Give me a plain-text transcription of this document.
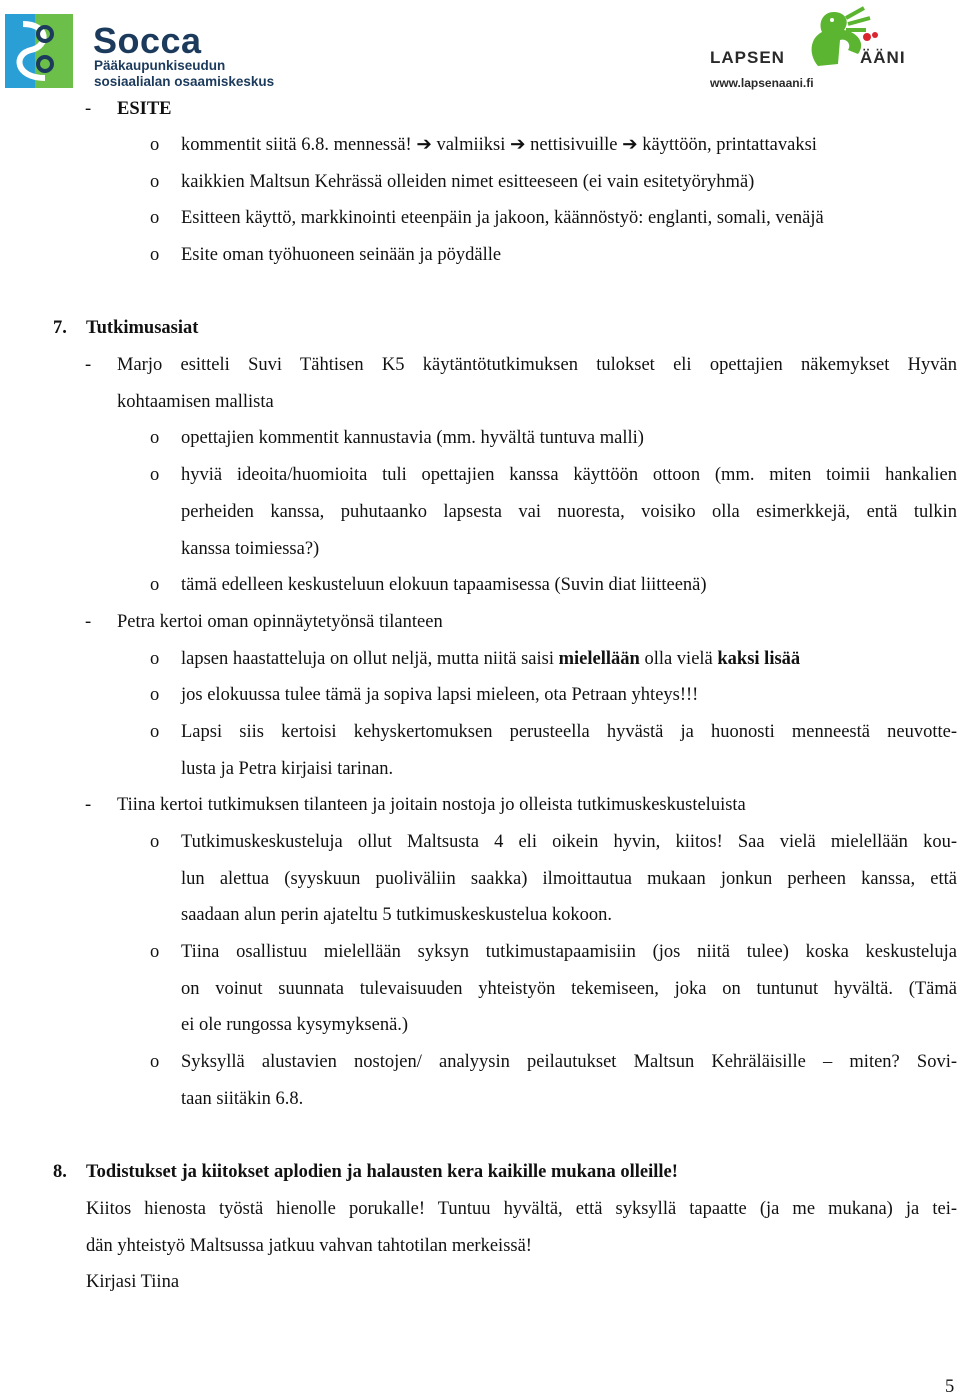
Socca
Pääkaupunkiseudun
sosiaalialan osaamiskeskus
LAPSEN	ÄÄNI
www.lapsenaani.fi
- ESITE
o kommentit siitä 6.8. mennessä! ➔ valmiiksi ➔ nettisivuille ➔ käyttöön, printattavaksi
o kaikkien Maltsun Kehrässä olleiden nimet esitteeseen (ei vain esitetyöryhmä)
o Esitteen käyttö, markkinointi eteenpäin ja jakoon, käännöstyö: englanti, somali, venäjä
o Esite oman työhuoneen seinään ja pöydälle
7. Tutkimusasiat
- Marjo esitteli Suvi Tähtisen K5 käytäntötutkimuksen tulokset eli opettajien näkemykset Hyvän
kohtaamisen mallista
o opettajien kommentit kannustavia (mm. hyvältä tuntuva malli)
o hyviä ideoita/huomioita tuli opettajien kanssa käyttöön ottoon (mm. miten toimii hankalien
perheiden kanssa, puhutaanko lapsesta vai nuoresta, voisiko olla esimerkkejä, entä tulkin
kanssa toimiessa?)
o tämä edelleen keskusteluun elokuun tapaamisessa (Suvin diat liitteenä)
- Petra kertoi oman opinnäytetyönsä tilanteen
o lapsen haastatteluja on ollut neljä, mutta niitä saisi mielellään olla vielä kaksi lisää
o jos elokuussa tulee tämä ja sopiva lapsi mieleen, ota Petraan yhteys!!!
o Lapsi siis kertoisi kehyskertomuksen perusteella hyvästä ja huonosti menneestä neuvotte-
lusta ja Petra kirjaisi tarinan.
- Tiina kertoi tutkimuksen tilanteen ja joitain nostoja jo olleista tutkimuskeskusteluista
o Tutkimuskeskusteluja ollut Maltsusta 4 eli oikein hyvin, kiitos! Saa vielä mielellään kou-
lun alettua (syyskuun puoliväliin saakka) ilmoittautua mukaan jonkun perheen kanssa, että
saadaan alun perin ajateltu 5 tutkimuskeskustelua kokoon.
o Tiina osallistuu mielellään syksyn tutkimustapaamisiin (jos niitä tulee) koska keskusteluja
on voinut suunnata tulevaisuuden yhteistyön tekemiseen, joka on tuntunut hyvältä. (Tämä
ei ole rungossa kysymyksenä.)
o Syksyllä alustavien nostojen/ analyysin peilautukset Maltsun Kehräläisille – miten? Sovi-
taan siitäkin 6.8.
8. Todistukset ja kiitokset aplodien ja halausten kera kaikille mukana olleille!
Kiitos hienosta työstä hienolle porukalle! Tuntuu hyvältä, että syksyllä tapaatte (ja me mukana) ja tei-
dän yhteistyö Maltsussa jatkuu vahvan tahtotilan merkeissä!
Kirjasi Tiina
5
